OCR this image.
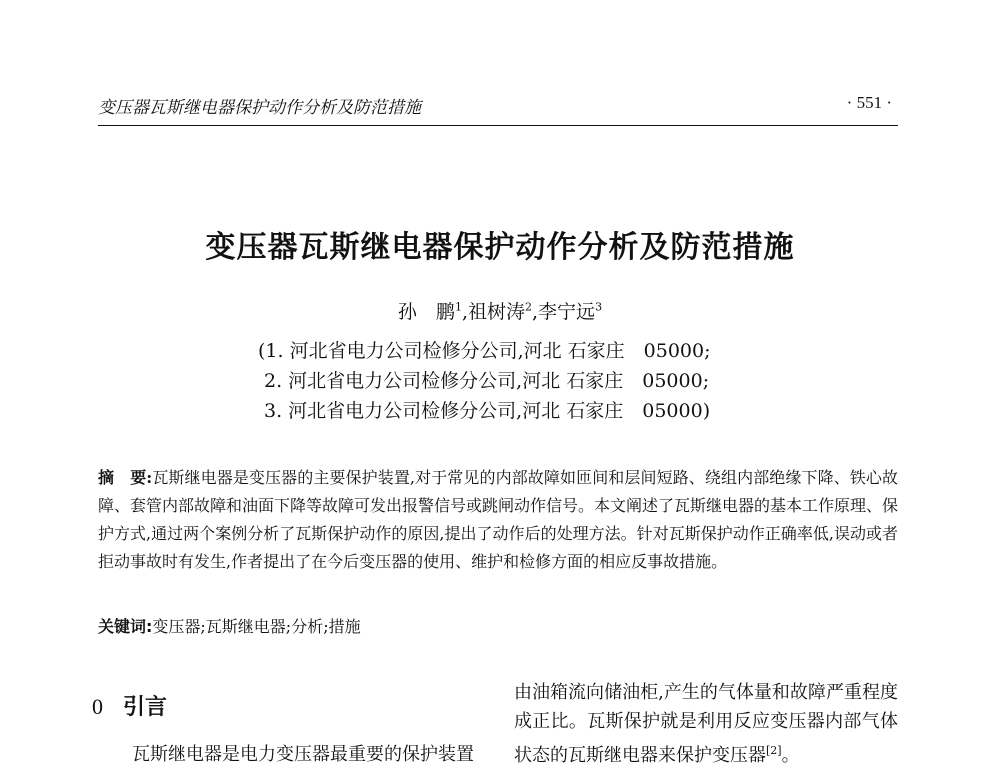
变压器瓦斯继电器保护动作分析及防范措施	· 551 ·
变压器瓦斯继电器保护动作分析及防范措施
孙　鹏$^1$,祖树涛$^2$,李宁远$^3$
(1. 河北省电力公司检修分公司,河北 石家庄　05000;
2. 河北省电力公司检修分公司,河北 石家庄　05000;
3. 河北省电力公司检修分公司,河北 石家庄　05000)
摘　要:瓦斯继电器是变压器的主要保护装置,对于常见的内部故障如匝间和层间短路、绕组内部绝缘下降、铁心故障、套管内部故障和油面下降等故障可发出报警信号或跳闸动作信号。本文阐述了瓦斯继电器的基本工作原理、保护方式,通过两个案例分析了瓦斯保护动作的原因,提出了动作后的处理方法。针对瓦斯保护动作正确率低,误动或者拒动事故时有发生,作者提出了在今后变压器的使用、维护和检修方面的相应反事故措施。
关键词:变压器;瓦斯继电器;分析;措施
0 引言
瓦斯继电器是电力变压器最重要的保护装置
由油箱流向储油柜,产生的气体量和故障严重程度成正比。瓦斯保护就是利用反应变压器内部气体状态的瓦斯继电器来保护变压器[2]。
